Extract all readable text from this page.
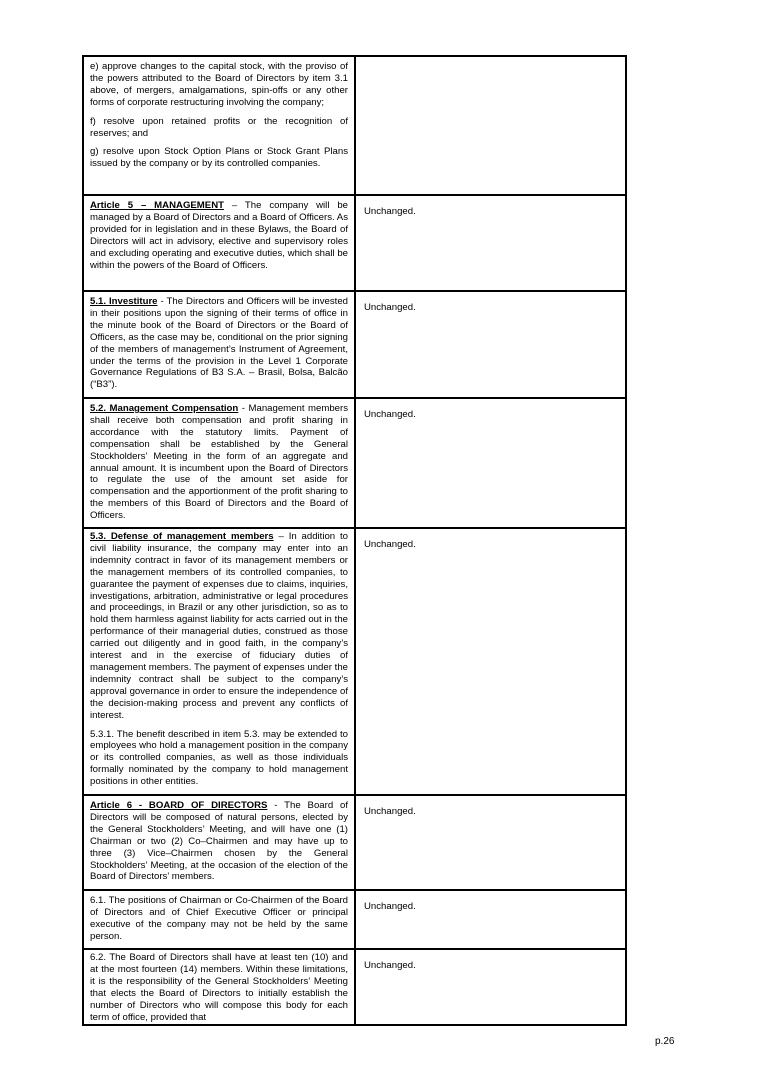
e) approve changes to the capital stock, with the proviso of the powers attributed to the Board of Directors by item 3.1 above, of mergers, amalgamations, spin-offs or any other forms of corporate restructuring involving the company;

f) resolve upon retained profits or the recognition of reserves; and

g) resolve upon Stock Option Plans or Stock Grant Plans issued by the company or by its controlled companies.

Article 5 – MANAGEMENT – The company will be managed by a Board of Directors and a Board of Officers. As provided for in legislation and in these Bylaws, the Board of Directors will act in advisory, elective and supervisory roles and excluding operating and executive duties, which shall be within the powers of the Board of Officers.

Unchanged.

5.1. Investiture - The Directors and Officers will be invested in their positions upon the signing of their terms of office in the minute book of the Board of Directors or the Board of Officers, as the case may be, conditional on the prior signing of the members of management’s Instrument of Agreement, under the terms of the provision in the Level 1 Corporate Governance Regulations of B3 S.A. – Brasil, Bolsa, Balcão (“B3”).

Unchanged.

5.2. Management Compensation - Management members shall receive both compensation and profit sharing in accordance with the statutory limits. Payment of compensation shall be established by the General Stockholders’ Meeting in the form of an aggregate and annual amount. It is incumbent upon the Board of Directors to regulate the use of the amount set aside for compensation and the apportionment of the profit sharing to the members of this Board of Directors and the Board of Officers.

Unchanged.

5.3. Defense of management members – In addition to civil liability insurance, the company may enter into an indemnity contract in favor of its management members or the management members of its controlled companies, to guarantee the payment of expenses due to claims, inquiries, investigations, arbitration, administrative or legal procedures and proceedings, in Brazil or any other jurisdiction, so as to hold them harmless against liability for acts carried out in the performance of their managerial duties, construed as those carried out diligently and in good faith, in the company’s interest and in the exercise of fiduciary duties of management members. The payment of expenses under the indemnity contract shall be subject to the company’s approval governance in order to ensure the independence of the decision-making process and prevent any conflicts of interest.

5.3.1. The benefit described in item 5.3. may be extended to employees who hold a management position in the company or its controlled companies, as well as those individuals formally nominated by the company to hold management positions in other entities.

Unchanged.

Article 6 - BOARD OF DIRECTORS - The Board of Directors will be composed of natural persons, elected by the General Stockholders’ Meeting, and will have one (1) Chairman or two (2) Co–Chairmen and may have up to three (3) Vice–Chairmen chosen by the General Stockholders’ Meeting, at the occasion of the election of the Board of Directors’ members.

Unchanged.

6.1. The positions of Chairman or Co-Chairmen of the Board of Directors and of Chief Executive Officer or principal executive of the company may not be held by the same person.

Unchanged.

6.2. The Board of Directors shall have at least ten (10) and at the most fourteen (14) members. Within these limitations, it is the responsibility of the General Stockholders’ Meeting that elects the Board of Directors to initially establish the number of Directors who will compose this body for each term of office, provided that

Unchanged.
p.26
